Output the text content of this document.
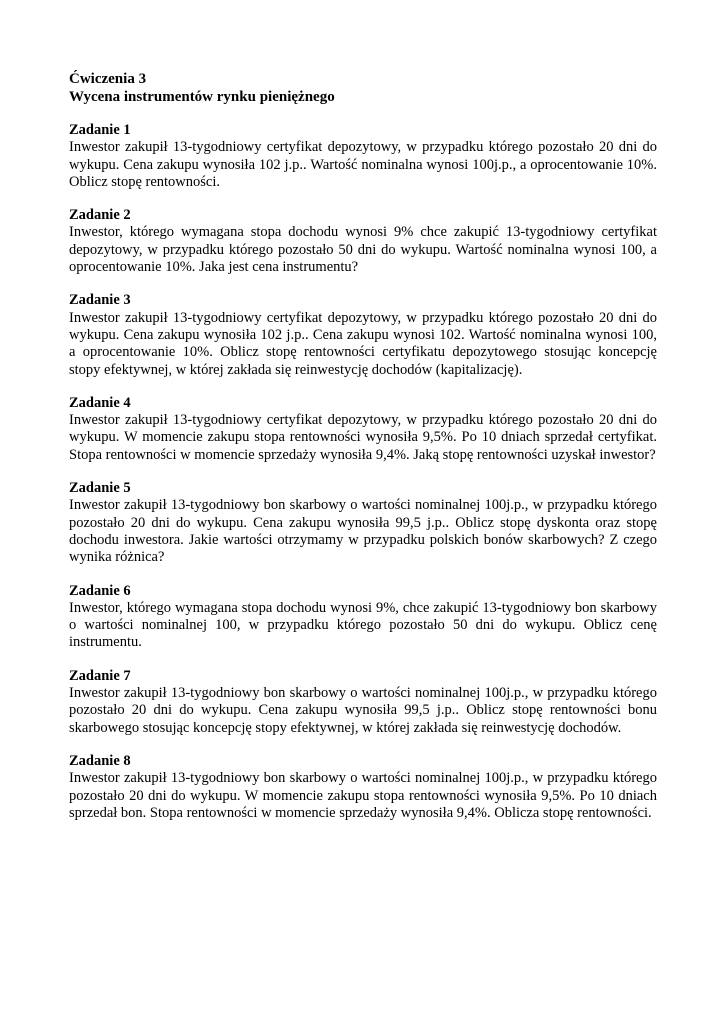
Ćwiczenia 3

Wycena instrumentów rynku pieniężnego

Zadanie 1

Inwestor zakupił 13-tygodniowy certyfikat depozytowy, w przypadku którego pozostało 20 dni do wykupu. Cena zakupu wynosiła 102 j.p.. Wartość nominalna wynosi 100j.p., a oprocentowanie 10%. Oblicz stopę rentowności.

Zadanie 2

Inwestor, którego wymagana stopa dochodu wynosi 9% chce zakupić 13-tygodniowy certyfikat depozytowy, w przypadku którego pozostało 50 dni do wykupu. Wartość nominalna wynosi 100, a oprocentowanie 10%. Jaka jest cena instrumentu?

Zadanie 3

Inwestor zakupił 13-tygodniowy certyfikat depozytowy, w przypadku którego pozostało 20 dni do wykupu. Cena zakupu wynosiła 102 j.p.. Cena zakupu wynosi 102. Wartość nominalna wynosi 100, a oprocentowanie 10%. Oblicz stopę rentowności certyfikatu depozytowego stosując koncepcję stopy efektywnej, w której zakłada się reinwestycję dochodów (kapitalizację).

Zadanie 4

Inwestor zakupił 13-tygodniowy certyfikat depozytowy, w przypadku którego pozostało 20 dni do wykupu. W momencie zakupu stopa rentowności wynosiła 9,5%. Po 10 dniach sprzedał certyfikat. Stopa rentowności w momencie sprzedaży wynosiła 9,4%. Jaką stopę rentowności uzyskał inwestor?

Zadanie 5

Inwestor zakupił 13-tygodniowy bon skarbowy o wartości nominalnej 100j.p., w przypadku którego pozostało 20 dni do wykupu. Cena zakupu wynosiła 99,5 j.p.. Oblicz stopę dyskonta oraz stopę dochodu inwestora. Jakie wartości otrzymamy w przypadku polskich bonów skarbowych? Z czego wynika różnica?

Zadanie 6

Inwestor, którego wymagana stopa dochodu wynosi 9%, chce zakupić 13-tygodniowy bon skarbowy o wartości nominalnej 100, w przypadku którego pozostało 50 dni do wykupu. Oblicz cenę instrumentu.

Zadanie 7

Inwestor zakupił 13-tygodniowy bon skarbowy o wartości nominalnej 100j.p., w przypadku którego pozostało 20 dni do wykupu. Cena zakupu wynosiła 99,5 j.p.. Oblicz stopę rentowności bonu skarbowego stosując koncepcję stopy efektywnej, w której zakłada się reinwestycję dochodów.

Zadanie 8

Inwestor zakupił 13-tygodniowy bon skarbowy o wartości nominalnej 100j.p., w przypadku którego pozostało 20 dni do wykupu. W momencie zakupu stopa rentowności wynosiła 9,5%. Po 10 dniach sprzedał bon. Stopa rentowności w momencie sprzedaży wynosiła 9,4%. Oblicza stopę rentowności.
